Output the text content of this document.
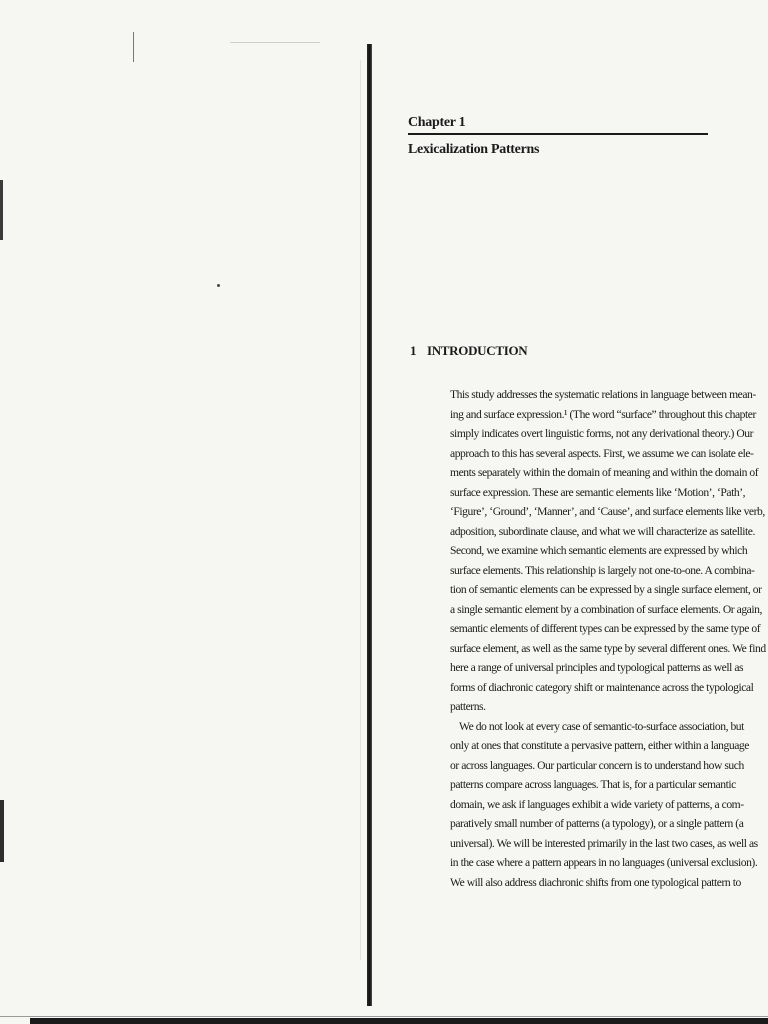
Chapter 1
Lexicalization Patterns
1 INTRODUCTION
This study addresses the systematic relations in language between mean-
ing and surface expression.¹ (The word “surface” throughout this chapter
simply indicates overt linguistic forms, not any derivational theory.) Our
approach to this has several aspects. First, we assume we can isolate ele-
ments separately within the domain of meaning and within the domain of
surface expression. These are semantic elements like ‘Motion’, ‘Path’,
‘Figure’, ‘Ground’, ‘Manner’, and ‘Cause’, and surface elements like verb,
adposition, subordinate clause, and what we will characterize as satellite.
Second, we examine which semantic elements are expressed by which
surface elements. This relationship is largely not one-to-one. A combina-
tion of semantic elements can be expressed by a single surface element, or
a single semantic element by a combination of surface elements. Or again,
semantic elements of different types can be expressed by the same type of
surface element, as well as the same type by several different ones. We find
here a range of universal principles and typological patterns as well as
forms of diachronic category shift or maintenance across the typological
patterns.
We do not look at every case of semantic-to-surface association, but
only at ones that constitute a pervasive pattern, either within a language
or across languages. Our particular concern is to understand how such
patterns compare across languages. That is, for a particular semantic
domain, we ask if languages exhibit a wide variety of patterns, a com-
paratively small number of patterns (a typology), or a single pattern (a
universal). We will be interested primarily in the last two cases, as well as
in the case where a pattern appears in no languages (universal exclusion).
We will also address diachronic shifts from one typological pattern to
